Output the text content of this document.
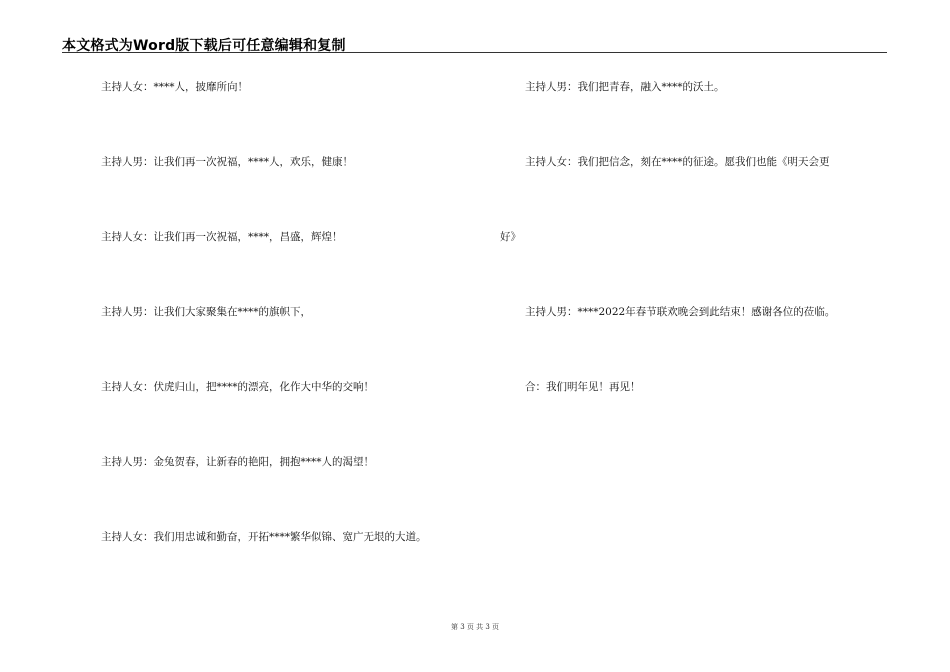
本文格式为Word版下载后可任意编辑和复制
主持人女：****人，披靡所向！
主持人男：让我们再一次祝福，****人，欢乐，健康！
主持人女：让我们再一次祝福，****，昌盛，辉煌！
主持人男：让我们大家聚集在****的旗帜下，
主持人女：伏虎归山，把****的漂亮，化作大中华的交响！
主持人男：金兔贺春，让新春的艳阳，拥抱****人的渴望！
主持人女：我们用忠诚和勤奋，开拓****繁华似锦、宽广无垠的大道。
主持人男：我们把青春，融入****的沃土。
主持人女：我们把信念，刻在****的征途。愿我们也能《明天会更
好》
主持人男：****2022年春节联欢晚会到此结束！感谢各位的莅临。
合：我们明年见！再见！
第 3 页 共 3 页
